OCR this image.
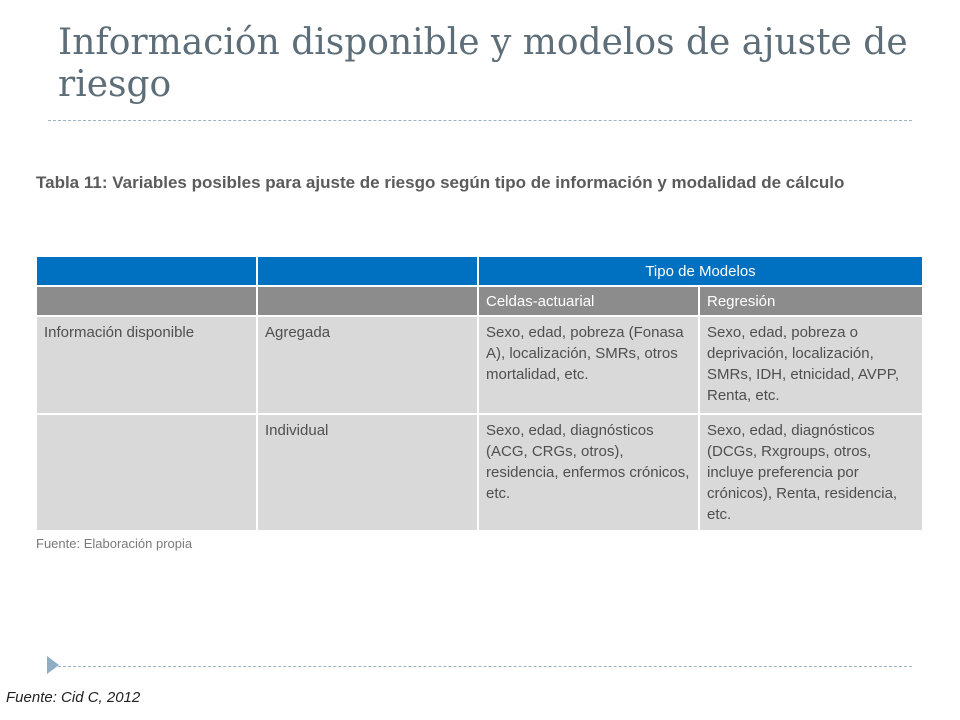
Información disponible y modelos de ajuste de riesgo
Tabla 11: Variables posibles para ajuste de riesgo según tipo de información y modalidad de cálculo
		Tipo de Modelos	
		Celdas-actuarial	Regresión
Información disponible	Agregada	Sexo, edad, pobreza (Fonasa A), localización, SMRs, otros mortalidad, etc.	Sexo, edad, pobreza o deprivación, localización, SMRs, IDH, etnicidad, AVPP, Renta, etc.
	Individual	Sexo, edad, diagnósticos (ACG, CRGs, otros), residencia, enfermos crónicos, etc.	Sexo, edad, diagnósticos (DCGs, Rxgroups, otros, incluye preferencia por crónicos), Renta, residencia, etc.
Fuente: Elaboración propia
Fuente: Cid C, 2012
